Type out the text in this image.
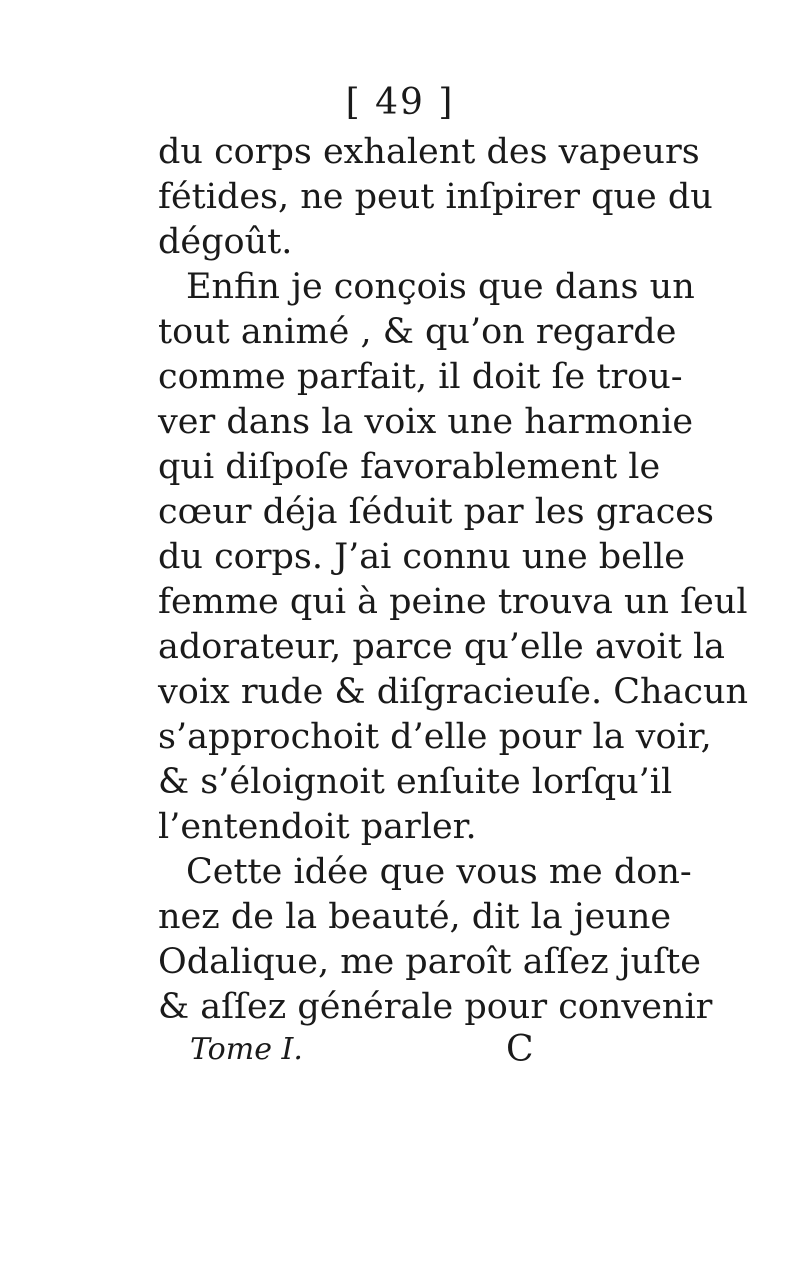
[ 49 ]
du corps exhalent des vapeurs
fétides, ne peut inſpirer que du
dégoût.
Enfin je conçois que dans un
tout animé , & qu’on regarde
comme parfait, il doit ſe trou-
ver dans la voix une harmonie
qui diſpoſe favorablement le
cœur déja ſéduit par les graces
du corps. J’ai connu une belle
femme qui à peine trouva un ſeul
adorateur, parce qu’elle avoit la
voix rude & diſgracieuſe. Chacun
s’approchoit d’elle pour la voir,
& s’éloignoit enſuite lorſqu’il
l’entendoit parler.
Cette idée que vous me don-
nez de la beauté, dit la jeune
Odalique, me paroît aſſez juſte
& aſſez générale pour convenir
Tome I.	C
